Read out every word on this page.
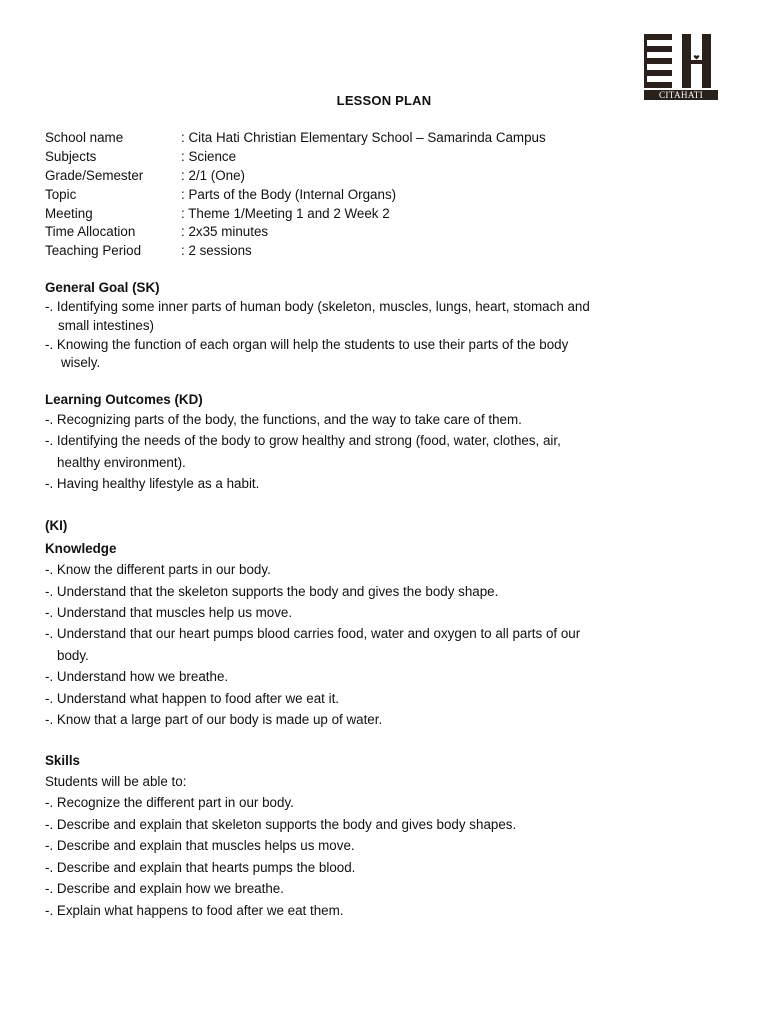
CITAHATI
LESSON PLAN
School name	: Cita Hati Christian Elementary School – Samarinda Campus
Subjects	: Science
Grade/Semester	: 2/1 (One)
Topic	: Parts of the Body (Internal Organs)
Meeting	: Theme 1/Meeting 1 and 2 Week 2
Time Allocation	: 2x35 minutes
Teaching Period	: 2 sessions
General Goal (SK)
-. Identifying some inner parts of human body (skeleton, muscles, lungs, heart, stomach and
small intestines)
-. Knowing the function of each organ will help the students to use their parts of the body
wisely.
Learning Outcomes (KD)
-. Recognizing parts of the body, the functions, and the way to take care of them.
-. Identifying the needs of the body to grow healthy and strong (food, water, clothes, air,
healthy environment).
-. Having healthy lifestyle as a habit.
(KI)
Knowledge
-. Know the different parts in our body.
-. Understand that the skeleton supports the body and gives the body shape.
-. Understand that muscles help us move.
-. Understand that our heart pumps blood carries food, water and oxygen to all parts of our
body.
-. Understand how we breathe.
-. Understand what happen to food after we eat it.
-. Know that a large part of our body is made up of water.
Skills
Students will be able to:
-. Recognize the different part in our body.
-. Describe and explain that skeleton supports the body and gives body shapes.
-. Describe and explain that muscles helps us move.
-. Describe and explain that hearts pumps the blood.
-. Describe and explain how we breathe.
-. Explain what happens to food after we eat them.
